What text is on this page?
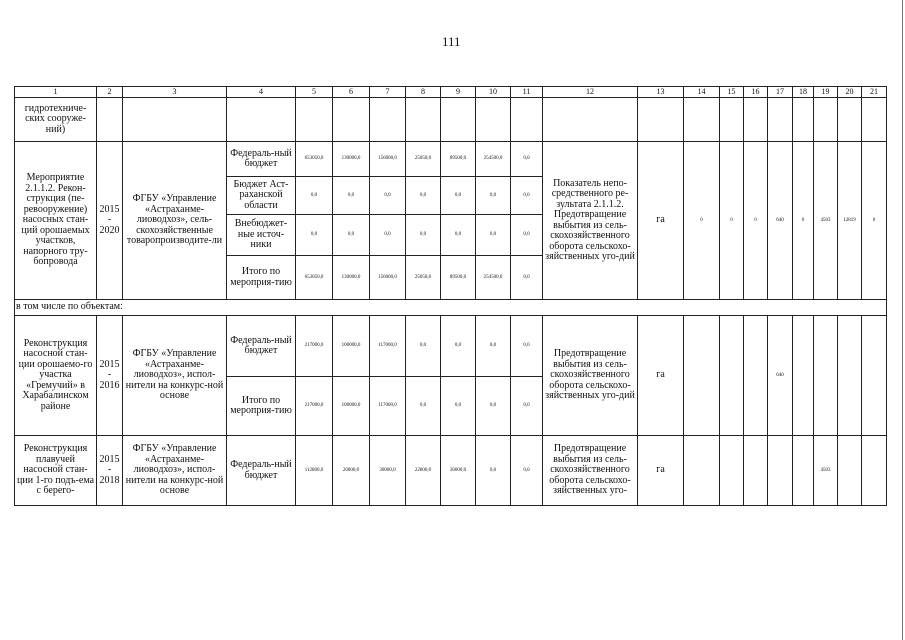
111
1	2	3	4	5	6	7	8	9	10	11	12	13	14	15	16	17	18	19	20	21
гидротехниче-ских сооруже-ний)																				
Мероприятие 2.1.1.2. Рекон-струкция (пе-ревооружение) насосных стан-ций орошаемых участков, напорного тру-бопровода	2015 - 2020	ФГБУ «Управление «Астраханме-лиоводхоз», сель-скохозяйственные товаропроизводите-ли	Федераль-ный бюджет	653050,0	130000,0	156000,0	25050,0	89500,0	254500,0	0,0	Показатель непо-средственного ре-зультата 2.1.1.2. Предотвращение выбытия из сель-скохозяйственного оборота сельскохо-зяйственных уго-дий	га	0	0	0	640	0	4503	12819	0
			Бюджет Аст-раханской области	0,0	0,0	0,0	0,0	0,0	0,0	0,0										
			Внебюджет-ные источ-ники	0,0	0,0	0,0	0,0	0,0	0,0	0,0										
			Итого по мероприя-тию	653050,0	130000,0	156000,0	25050,0	89500,0	254500,0	0,0										
в том числе по объектам:																				
Реконструкция насосной стан-ции орошаемо-го участка «Гремучий» в Харабалинском районе	2015 - 2016	ФГБУ «Управление «Астраханме-лиоводхоз», испол-нители на конкурс-ной основе	Федераль-ный бюджет	217000,0	100000,0	117000,0	0,0	0,0	0,0	0,0	Предотвращение выбытия из сель-скохозяйственного оборота сельскохо-зяйственных уго-дий	га				640				
			Итого по мероприя-тию	217000,0	100000,0	117000,0	0,0	0,0	0,0	0,0										
Реконструкция плавучей насосной стан-ции 1-го подъ-ема с берего-	2015 - 2018	ФГБУ «Управление «Астраханме-лиоводхоз», испол-нители на конкурс-ной основе	Федераль-ный бюджет	112800,0	20000,0	30000,0	22800,0	30000,0	0,0	0,0	Предотвращение выбытия из сель-скохозяйственного оборота сельскохо-зяйственных уго-	га						4503		
